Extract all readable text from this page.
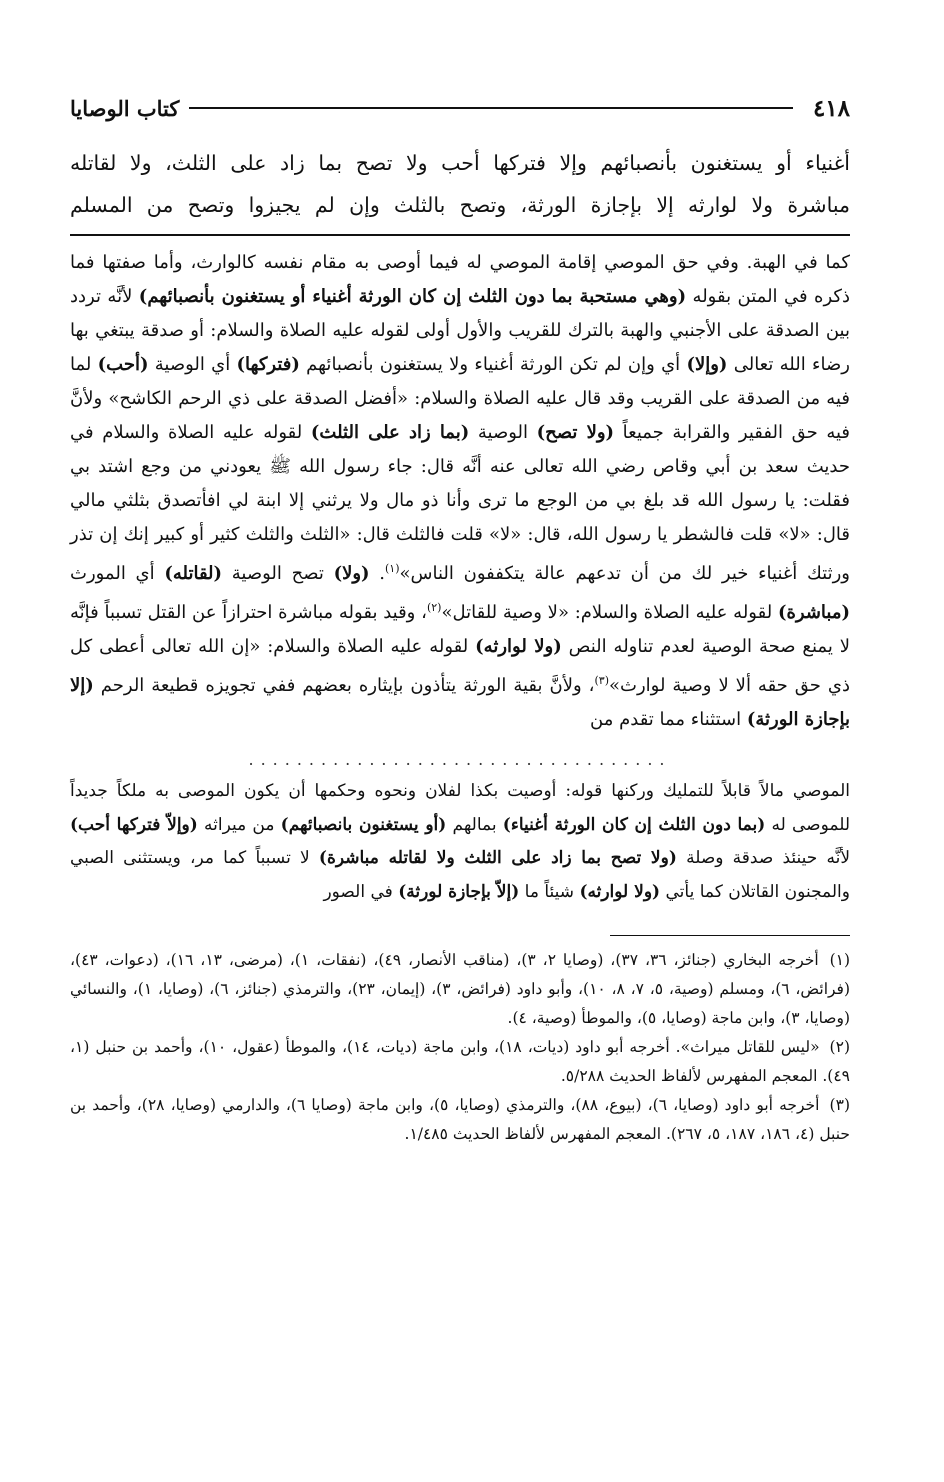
٤١٨
كتاب الوصايا
أغنياء أو يستغنون بأنصبائهم وإلا فتركها أحب ولا تصح بما زاد على الثلث، ولا لقاتله
مباشرة ولا لوارثه إلا بإجازة الورثة، وتصح بالثلث وإن لم يجيزوا وتصح من المسلم
كما في الهبة. وفي حق الموصي إقامة الموصي له فيما أوصى به مقام نفسه كالوارث، وأما صفتها فما ذكره في المتن بقوله (وهي مستحبة بما دون الثلث إن كان الورثة أغنياء أو يستغنون بأنصبائهم) لأنَّه تردد بين الصدقة على الأجنبي والهبة بالترك للقريب والأول أولى لقوله عليه الصلاة والسلام: أو صدقة يبتغي بها رضاء الله تعالى (وإلا) أي وإن لم تكن الورثة أغنياء ولا يستغنون بأنصبائهم (فتركها) أي الوصية (أحب) لما فيه من الصدقة على القريب وقد قال عليه الصلاة والسلام: «أفضل الصدقة على ذي الرحم الكاشح» ولأنَّ فيه حق الفقير والقرابة جميعاً (ولا تصح) الوصية (بما زاد على الثلث) لقوله عليه الصلاة والسلام في حديث سعد بن أبي وقاص رضي الله تعالى عنه أنَّه قال: جاء رسول الله ﷺ يعودني من وجع اشتد بي فقلت: يا رسول الله قد بلغ بي من الوجع ما ترى وأنا ذو مال ولا يرثني إلا ابنة لي افأتصدق بثلثي مالي قال: «لا» قلت فالشطر يا رسول الله، قال: «لا» قلت فالثلث قال: «الثلث والثلث كثير أو كبير إنك إن تذر ورثتك أغنياء خير لك من أن تدعهم عالة يتكففون الناس»$^{(١)}$. (ولا) تصح الوصية (لقاتله) أي المورث (مباشرة) لقوله عليه الصلاة والسلام: «لا وصية للقاتل»$^{(٢)}$، وقيد بقوله مباشرة احترازاً عن القتل تسبباً فإنَّه لا يمنع صحة الوصية لعدم تناوله النص (ولا لوارثه) لقوله عليه الصلاة والسلام: «إن الله تعالى أعطى كل ذي حق حقه ألا لا وصية لوارث»$^{(٣)}$، ولأنَّ بقية الورثة يتأذون بإيثاره بعضهم ففي تجويزه قطيعة الرحم (إلا بإجازة الورثة) استثناء مما تقدم من
...................................
الموصي مالاً قابلاً للتمليك وركنها قوله: أوصيت بكذا لفلان ونحوه وحكمها أن يكون الموصى به ملكاً جديداً للموصى له (بما دون الثلث إن كان الورثة أغنياء) بمالهم (أو يستغنون بانصبائهم) من ميراثه (وإلاّ فتركها أحب) لأنَّه حينئذ صدقة وصلة (ولا تصح بما زاد على الثلث ولا لقاتله مباشرة) لا تسبباً كما مر، ويستثنى الصبي والمجنون القاتلان كما يأتي (ولا لوارثه) شيئاً ما (إلاّ بإجازة لورثة) في الصور
(١) أخرجه البخاري (جنائز، ٣٦، ٣٧)، (وصايا ٢، ٣)، (مناقب الأنصار، ٤٩)، (نفقات، ١)، (مرضى، ١٣، ١٦)، (دعوات، ٤٣)، (فرائض، ٦)، ومسلم (وصية، ٥، ٧، ٨، ١٠)، وأبو داود (فرائض، ٣)، (إيمان، ٢٣)، والترمذي (جنائز، ٦)، (وصايا، ١)، والنسائي (وصايا، ٣)، وابن ماجة (وصايا، ٥)، والموطأ (وصية، ٤).
(٢) «ليس للقاتل ميراث». أخرجه أبو داود (ديات، ١٨)، وابن ماجة (ديات، ١٤)، والموطأ (عقول، ١٠)، وأحمد بن حنبل (١، ٤٩). المعجم المفهرس لألفاظ الحديث ٥/٢٨٨.
(٣) أخرجه أبو داود (وصايا، ٦)، (بيوع، ٨٨)، والترمذي (وصايا، ٥)، وابن ماجة (وصايا ٦)، والدارمي (وصايا، ٢٨)، وأحمد بن حنبل (٤، ١٨٦، ١٨٧، ٥، ٢٦٧). المعجم المفهرس لألفاظ الحديث ١/٤٨٥.
